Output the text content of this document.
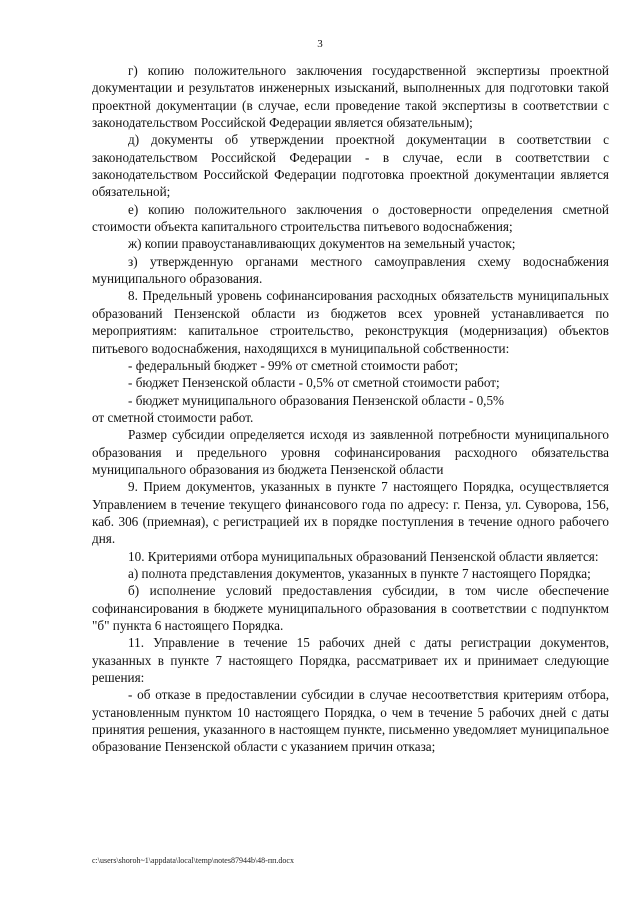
3

г) копию положительного заключения государственной экспертизы проектной документации и результатов инженерных изысканий, выполненных для подготовки такой проектной документации (в случае, если проведение такой экспертизы в соответствии с законодательством Российской Федерации является обязательным);

д) документы об утверждении проектной документации в соответствии с законодательством Российской Федерации - в случае, если в соответствии с законодательством Российской Федерации подготовка проектной документации является обязательной;

е) копию положительного заключения о достоверности определения сметной стоимости объекта капитального строительства питьевого водоснабжения;

ж) копии правоустанавливающих документов на земельный участок;

з) утвержденную органами местного самоуправления схему водоснабжения муниципального образования.

8. Предельный уровень софинансирования расходных обязательств муниципальных образований Пензенской области из бюджетов всех уровней устанавливается по мероприятиям: капитальное строительство, реконструкция (модернизация) объектов питьевого водоснабжения, находящихся в муниципальной собственности:

- федеральный бюджет - 99% от сметной стоимости работ;

- бюджет Пензенской области - 0,5% от сметной стоимости работ;

- бюджет муниципального образования Пензенской области - 0,5%

от сметной стоимости работ.

Размер субсидии определяется исходя из заявленной потребности муниципального образования и предельного уровня софинансирования расходного обязательства муниципального образования из бюджета Пензенской области

9. Прием документов, указанных в пункте 7 настоящего Порядка, осуществляется Управлением в течение текущего финансового года по адресу: г. Пенза, ул. Суворова, 156, каб. 306 (приемная), с регистрацией их в порядке поступления в течение одного рабочего дня.

10. Критериями отбора муниципальных образований Пензенской области является:

а) полнота представления документов, указанных в пункте 7 настоящего Порядка;

б) исполнение условий предоставления субсидии, в том числе обеспечение софинансирования в бюджете муниципального образования в соответствии с подпунктом "б" пункта 6 настоящего Порядка.

11. Управление в течение 15 рабочих дней с даты регистрации документов, указанных в пункте 7 настоящего Порядка, рассматривает их и принимает следующие решения:

- об отказе в предоставлении субсидии в случае несоответствия критериям отбора, установленным пунктом 10 настоящего Порядка, о чем в течение 5 рабочих дней с даты принятия решения, указанного в настоящем пункте, письменно уведомляет муниципальное образование Пензенской области с указанием причин отказа;

c:\users\shoroh~1\appdata\local\temp\notes87944b\48-пп.docx
